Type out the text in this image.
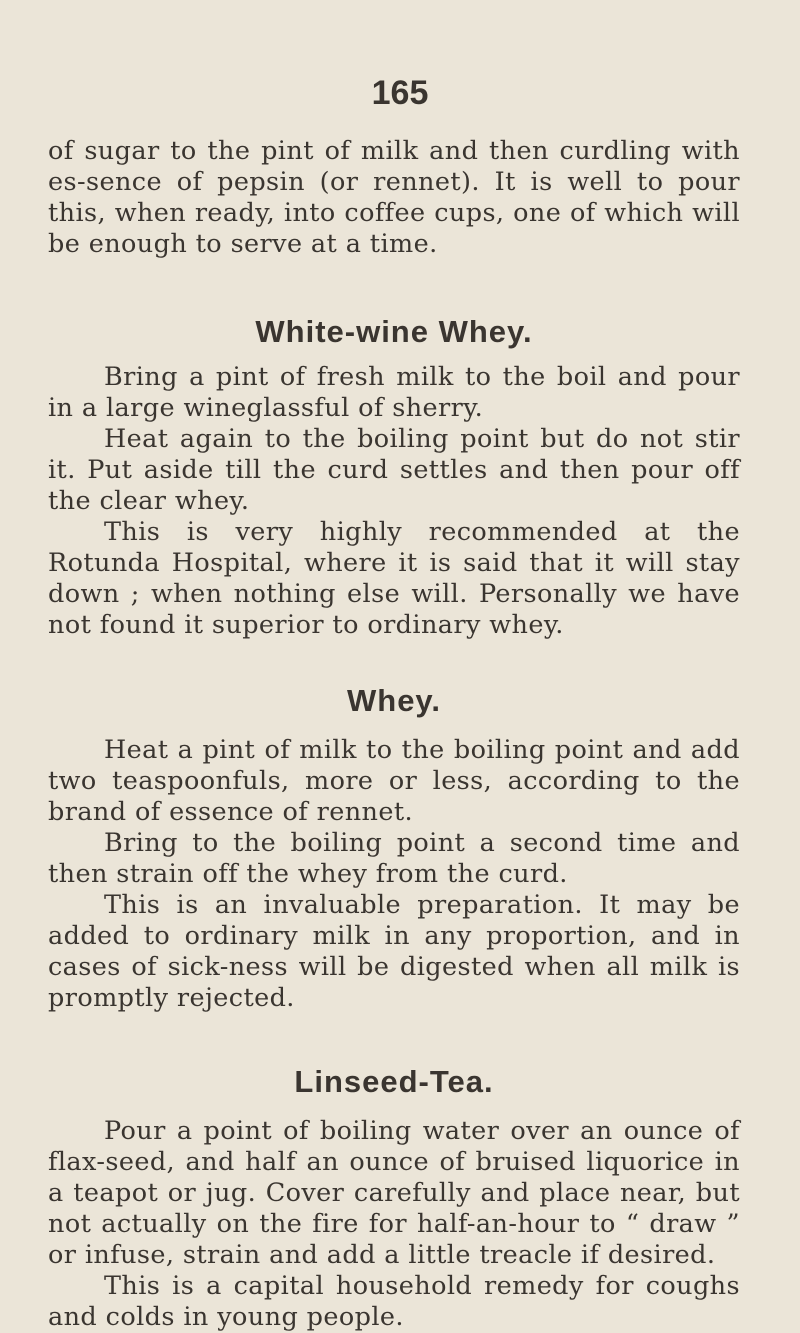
165

of sugar to the pint of milk and then curdling with es-sence of pepsin (or rennet). It is well to pour this, when ready, into coffee cups, one of which will be enough to serve at a time.

White-wine Whey.

Bring a pint of fresh milk to the boil and pour in a large wineglassful of sherry.

Heat again to the boiling point but do not stir it. Put aside till the curd settles and then pour off the clear whey.

This is very highly recommended at the Rotunda Hospital, where it is said that it will stay down ; when nothing else will. Personally we have not found it superior to ordinary whey.

Whey.

Heat a pint of milk to the boiling point and add two teaspoonfuls, more or less, according to the brand of essence of rennet.

Bring to the boiling point a second time and then strain off the whey from the curd.

This is an invaluable preparation. It may be added to ordinary milk in any proportion, and in cases of sick-ness will be digested when all milk is promptly rejected.

Linseed-Tea.

Pour a point of boiling water over an ounce of flax-seed, and half an ounce of bruised liquorice in a teapot or jug. Cover carefully and place near, but not actually on the fire for half-an-hour to “ draw ” or infuse, strain and add a little treacle if desired.

This is a capital household remedy for coughs and colds in young people.
